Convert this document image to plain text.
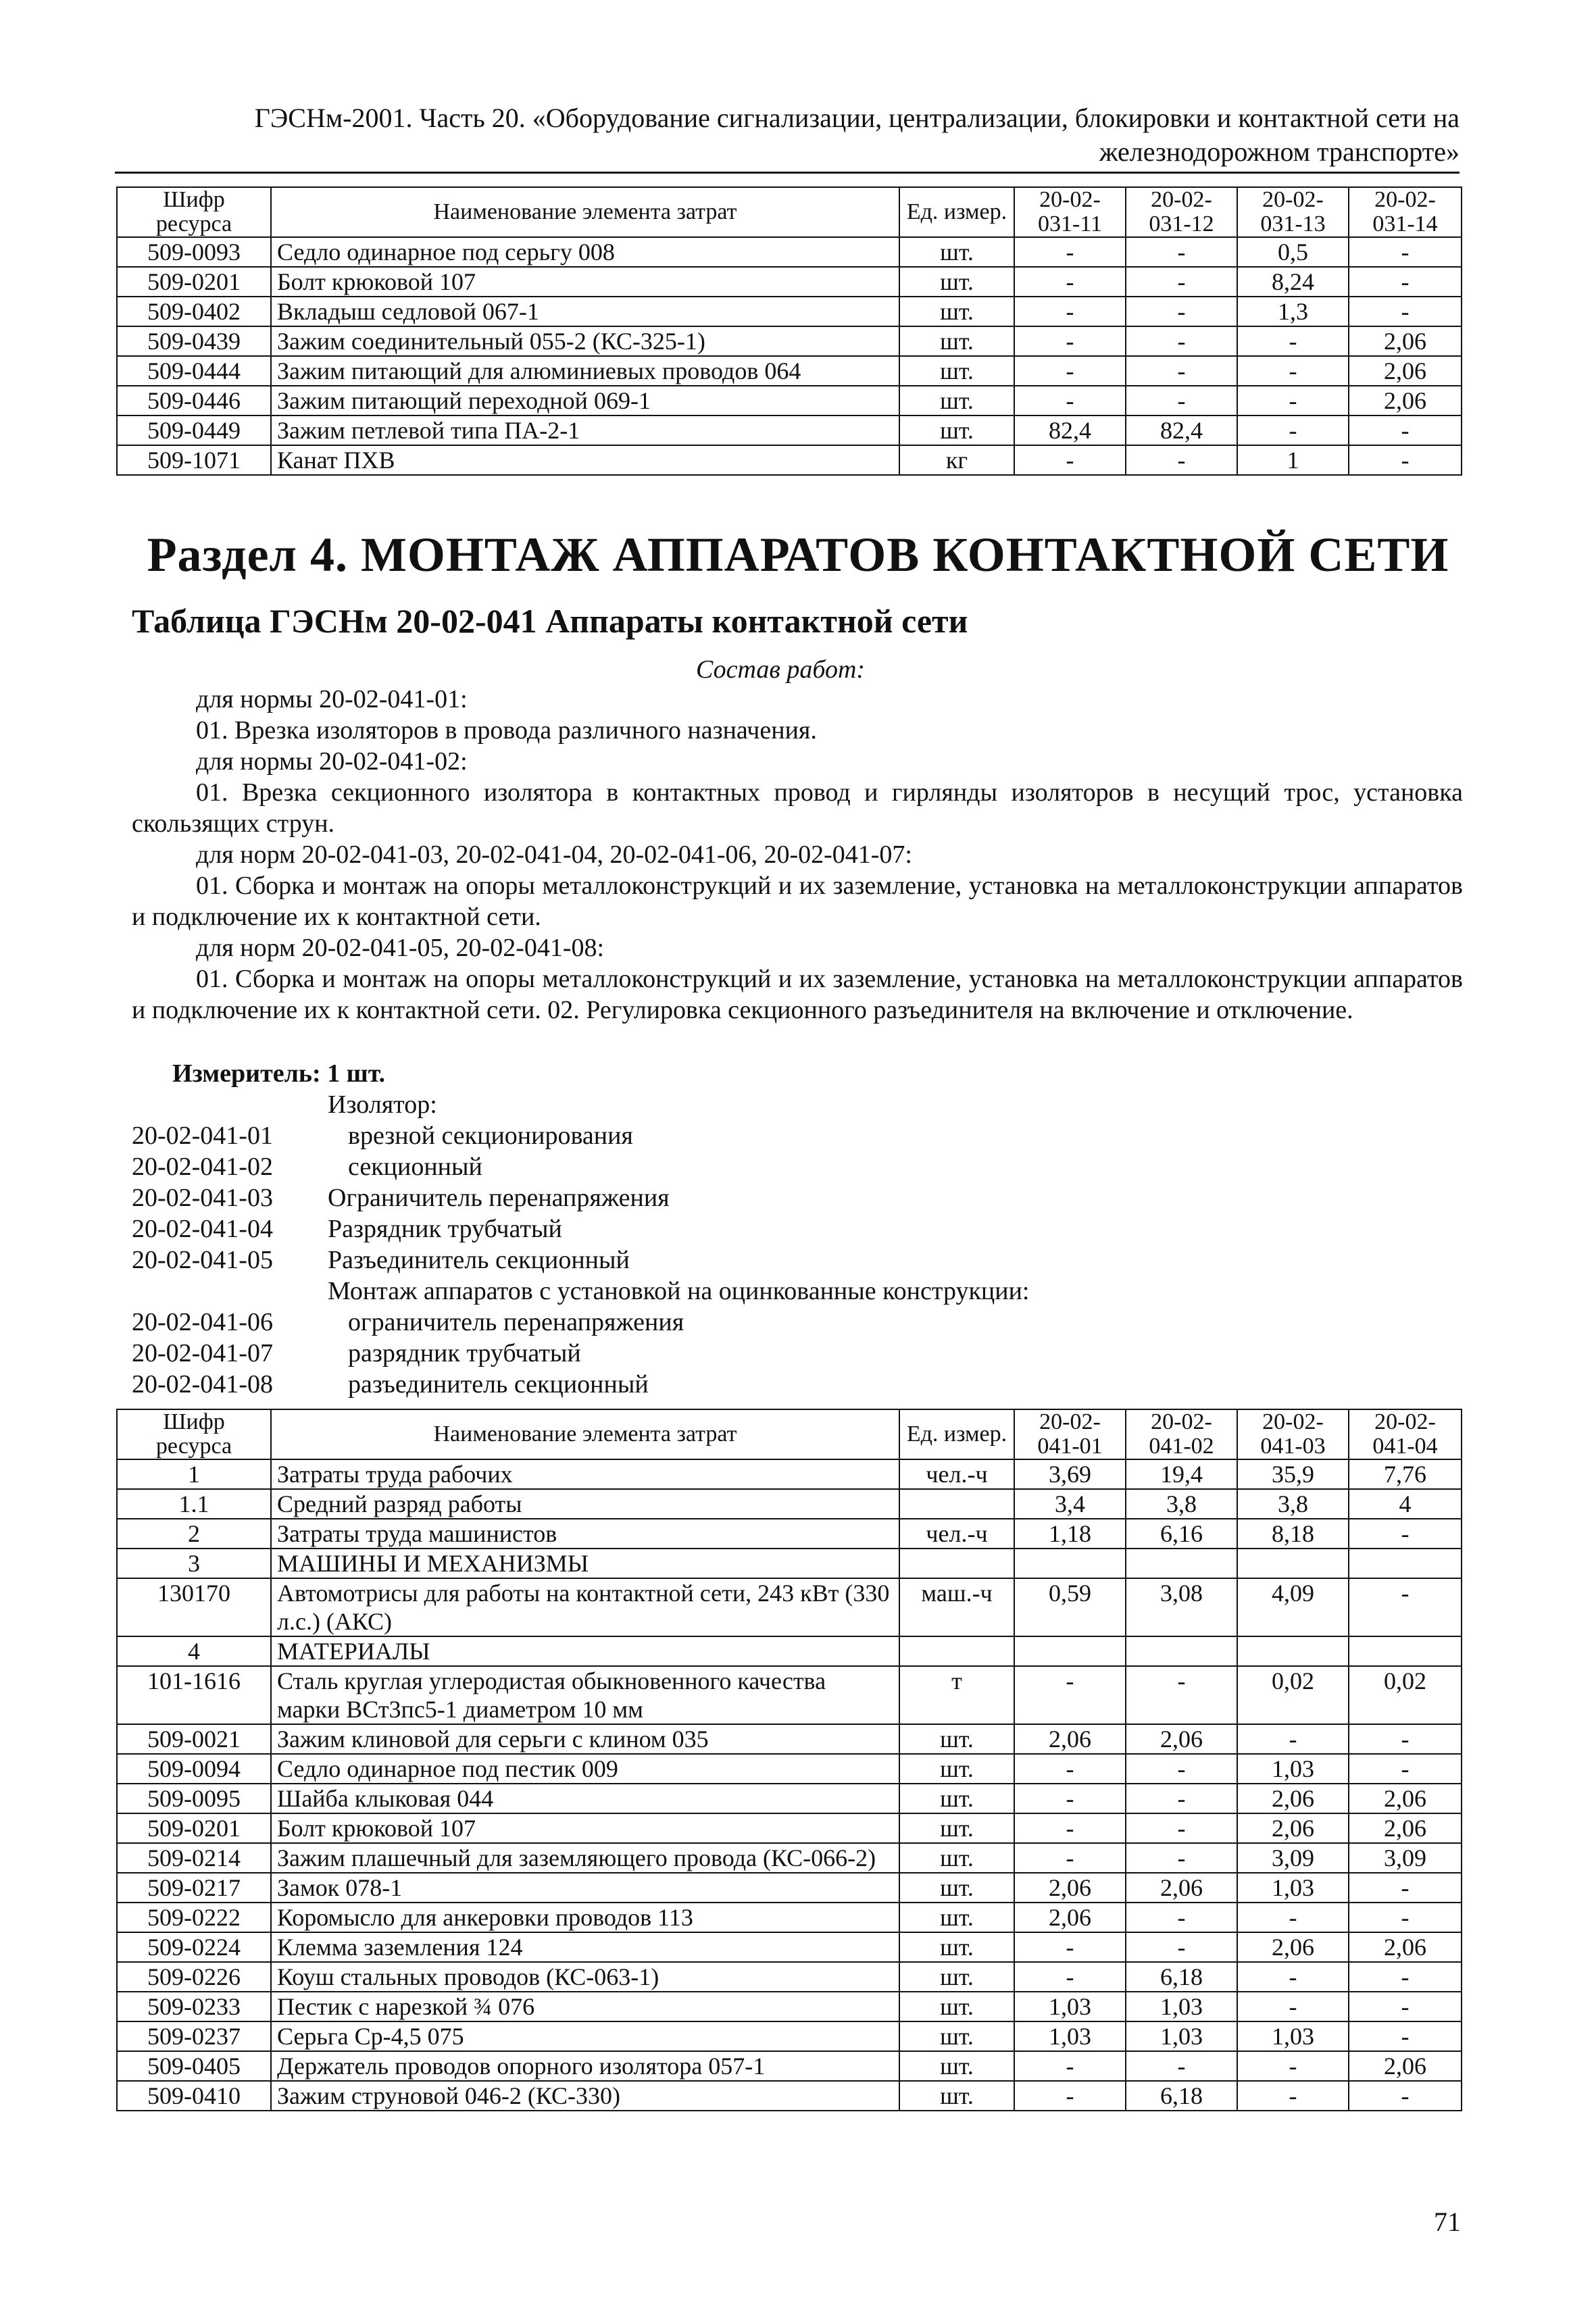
ГЭСНм-2001. Часть 20. «Оборудование сигнализации, централизации, блокировки и контактной сети на
железнодорожном транспорте»
Шифр ресурса	Наименование элемента затрат	Ед. измер.	20-02-031-11	20-02-031-12	20-02-031-13	20-02-031-14
509-0093	Седло одинарное под серьгу 008	шт.	-	-	0,5	-
509-0201	Болт крюковой 107	шт.	-	-	8,24	-
509-0402	Вкладыш седловой 067-1	шт.	-	-	1,3	-
509-0439	Зажим соединительный 055-2 (КС-325-1)	шт.	-	-	-	2,06
509-0444	Зажим питающий для алюминиевых проводов 064	шт.	-	-	-	2,06
509-0446	Зажим питающий переходной 069-1	шт.	-	-	-	2,06
509-0449	Зажим петлевой типа ПА-2-1	шт.	82,4	82,4	-	-
509-1071	Канат ПХВ	кг	-	-	1	-
Раздел 4. МОНТАЖ АППАРАТОВ КОНТАКТНОЙ СЕТИ
Таблица ГЭСНм 20-02-041 Аппараты контактной сети
Состав работ:
для нормы 20-02-041-01:
01. Врезка изоляторов в провода различного назначения.
для нормы 20-02-041-02:
01. Врезка секционного изолятора в контактных провод и гирлянды изоляторов в несущий трос, установка скользящих струн.
для норм 20-02-041-03, 20-02-041-04, 20-02-041-06, 20-02-041-07:
01. Сборка и монтаж на опоры металлоконструкций и их заземление, установка на металлоконструкции аппаратов и подключение их к контактной сети.
для норм 20-02-041-05, 20-02-041-08:
01. Сборка и монтаж на опоры металлоконструкций и их заземление, установка на металлоконструкции аппаратов и подключение их к контактной сети. 02. Регулировка секционного разъединителя на включение и отключение.
Измеритель: 1 шт.
Изолятор:
20-02-041-01	врезной секционирования
20-02-041-02	секционный
20-02-041-03	Ограничитель перенапряжения
20-02-041-04	Разрядник трубчатый
20-02-041-05	Разъединитель секционный
Монтаж аппаратов с установкой на оцинкованные конструкции:
20-02-041-06	ограничитель перенапряжения
20-02-041-07	разрядник трубчатый
20-02-041-08	разъединитель секционный
Шифр ресурса	Наименование элемента затрат	Ед. измер.	20-02-041-01	20-02-041-02	20-02-041-03	20-02-041-04
1	Затраты труда рабочих	чел.-ч	3,69	19,4	35,9	7,76
1.1	Средний разряд работы		3,4	3,8	3,8	4
2	Затраты труда машинистов	чел.-ч	1,18	6,16	8,18	-
3	МАШИНЫ И МЕХАНИЗМЫ					
130170	Автомотрисы для работы на контактной сети, 243 кВт (330 л.с.) (АКС)	маш.-ч	0,59	3,08	4,09	-
4	МАТЕРИАЛЫ					
101-1616	Сталь круглая углеродистая обыкновенного качества марки ВСт3пс5-1 диаметром 10 мм	т	-	-	0,02	0,02
509-0021	Зажим клиновой для серьги с клином 035	шт.	2,06	2,06	-	-
509-0094	Седло одинарное под пестик 009	шт.	-	-	1,03	-
509-0095	Шайба клыковая 044	шт.	-	-	2,06	2,06
509-0201	Болт крюковой 107	шт.	-	-	2,06	2,06
509-0214	Зажим плашечный для заземляющего провода (КС-066-2)	шт.	-	-	3,09	3,09
509-0217	Замок 078-1	шт.	2,06	2,06	1,03	-
509-0222	Коромысло для анкеровки проводов 113	шт.	2,06	-	-	-
509-0224	Клемма заземления 124	шт.	-	-	2,06	2,06
509-0226	Коуш стальных проводов (КС-063-1)	шт.	-	6,18	-	-
509-0233	Пестик с нарезкой ¾ 076	шт.	1,03	1,03	-	-
509-0237	Серьга Ср-4,5 075	шт.	1,03	1,03	1,03	-
509-0405	Держатель проводов опорного изолятора 057-1	шт.	-	-	-	2,06
509-0410	Зажим струновой 046-2 (КС-330)	шт.	-	6,18	-	-
71
